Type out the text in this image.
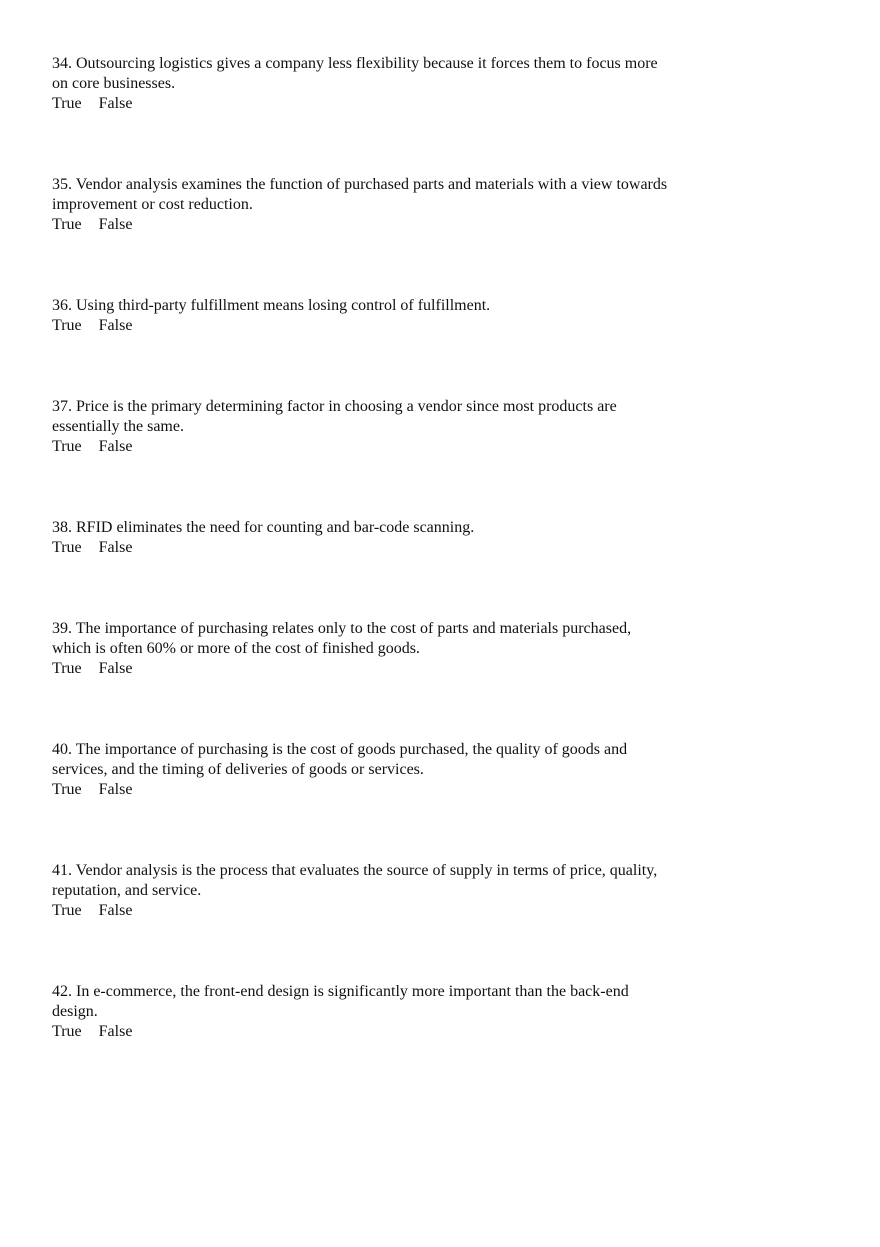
34. Outsourcing logistics gives a company less flexibility because it forces them to focus more on core businesses.

True False

35. Vendor analysis examines the function of purchased parts and materials with a view towards improvement or cost reduction.

True False

36. Using third-party fulfillment means losing control of fulfillment.

True False

37. Price is the primary determining factor in choosing a vendor since most products are essentially the same.

True False

38. RFID eliminates the need for counting and bar-code scanning.

True False

39. The importance of purchasing relates only to the cost of parts and materials purchased, which is often 60% or more of the cost of finished goods.

True False

40. The importance of purchasing is the cost of goods purchased, the quality of goods and services, and the timing of deliveries of goods or services.

True False

41. Vendor analysis is the process that evaluates the source of supply in terms of price, quality, reputation, and service.

True False

42. In e-commerce, the front-end design is significantly more important than the back-end design.

True False
